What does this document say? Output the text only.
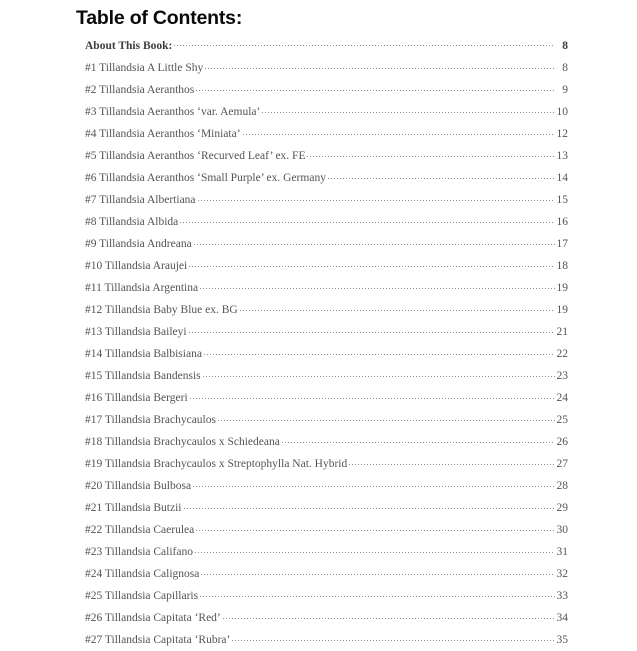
Table of Contents:
About This Book:	8
#1 Tillandsia A Little Shy	8
#2 Tillandsia Aeranthos	9
#3 Tillandsia Aeranthos ‘var. Aemula’	10
#4 Tillandsia Aeranthos ‘Miniata’	12
#5 Tillandsia Aeranthos ‘Recurved Leaf’ ex. FE	13
#6 Tillandsia Aeranthos ‘Small Purple’ ex. Germany	14
#7 Tillandsia Albertiana	15
#8 Tillandsia Albida	16
#9 Tillandsia Andreana	17
#10 Tillandsia Araujei	18
#11 Tillandsia Argentina	19
#12 Tillandsia Baby Blue ex. BG	19
#13 Tillandsia Baileyi	21
#14 Tillandsia Balbisiana	22
#15 Tillandsia Bandensis	23
#16 Tillandsia Bergeri	24
#17 Tillandsia Brachycaulos	25
#18 Tillandsia Brachycaulos x Schiedeana	26
#19 Tillandsia Brachycaulos x Streptophylla Nat. Hybrid	27
#20 Tillandsia Bulbosa	28
#21 Tillandsia Butzii	29
#22 Tillandsia Caerulea	30
#23 Tillandsia Califano	31
#24 Tillandsia Calignosa	32
#25 Tillandsia Capillaris	33
#26 Tillandsia Capitata ‘Red’	34
#27 Tillandsia Capitata ‘Rubra’	35
